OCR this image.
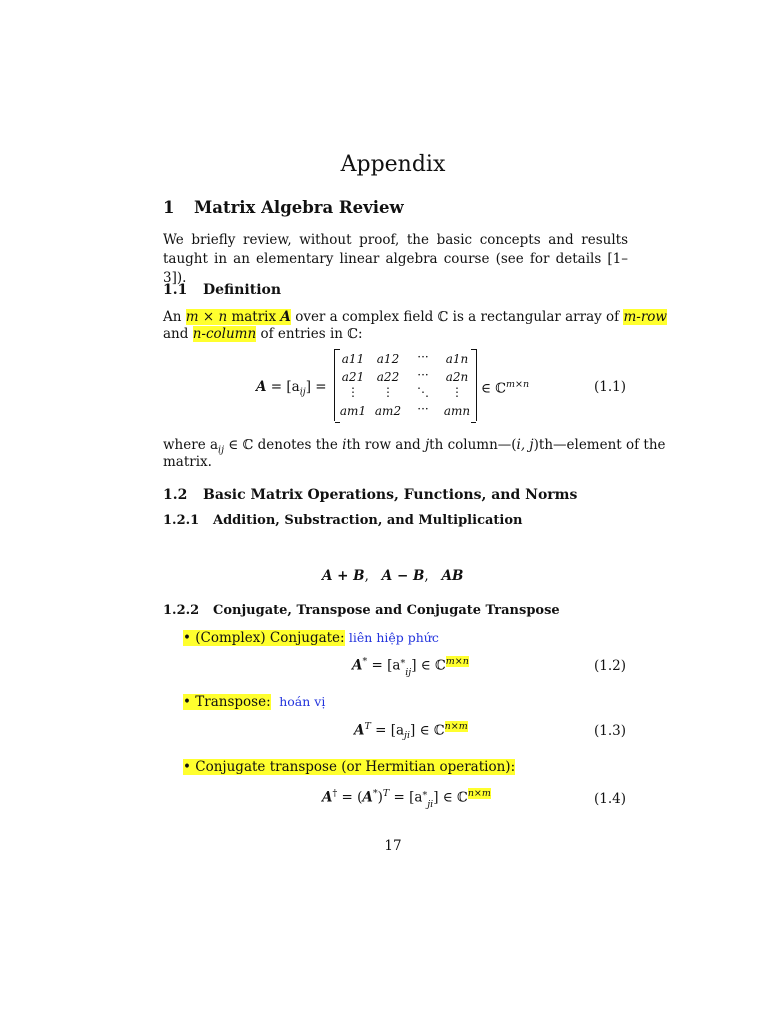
Appendix
1 Matrix Algebra Review
We briefly review, without proof, the basic concepts and results taught in an elementary linear algebra course (see for details [1–3]).
1.1 Definition
An m × n matrix A over a complex field ℂ is a rectangular array of m-row
and n-column of entries in ℂ:
$A = [a_{ij}]$ =
a11	a12	···	a1n
a21	a22	···	a2n
⋮	⋮	⋱	⋮
am1 am2	···	amn
∈ ℂ$^{m\times n}$	(1.1)
where $a_{ij}$ ∈ ℂ denotes the ith row and jth column—(i, j)th—element of the
matrix.
1.2 Basic Matrix Operations, Functions, and Norms
1.2.1 Addition, Substraction, and Multiplication
A + B, A − B, AB
1.2.2 Conjugate, Transpose and Conjugate Transpose
• (Complex) Conjugate: liên hiệp phức
$A^* = [a^*_{ij}]$ ∈ ℂ$^{m\times n}$	(1.2)
• Transpose: hoán vị
$A^T = [a_{ji}]$ ∈ ℂ$^{n\times m}$	(1.3)
• Conjugate transpose (or Hermitian operation):
$A^\dagger = (A^*)^T = [a^*_{ji}]$ ∈ ℂ$^{n\times m}$	(1.4)
17
